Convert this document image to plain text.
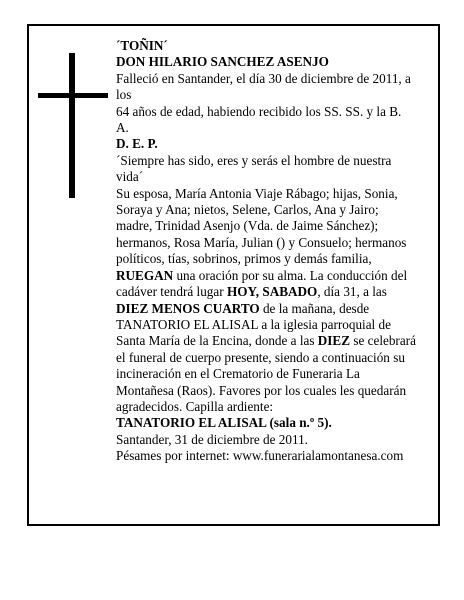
´TOÑIN´

DON HILARIO SANCHEZ ASENJO

Falleció en Santander, el día 30 de diciembre de 2011, a los

64 años de edad, habiendo recibido los SS. SS. y la B. A.

D. E. P.

´Siempre has sido, eres y serás el hombre de nuestra vida´

Su esposa, María Antonia Viaje Rábago; hijas, Sonia, Soraya y Ana; nietos, Selene, Carlos, Ana y Jairo; madre, Trinidad Asenjo (Vda. de Jaime Sánchez); hermanos, Rosa María, Julian () y Consuelo; hermanos políticos, tías, sobrinos, primos y demás familia, RUEGAN una oración por su alma. La conducción del cadáver tendrá lugar HOY, SABADO, día 31, a las DIEZ MENOS CUARTO de la mañana, desde TANATORIO EL ALISAL a la iglesia parroquial de Santa María de la Encina, donde a las DIEZ se celebrará el funeral de cuerpo presente, siendo a continuación su incineración en el Crematorio de Funeraria La Montañesa (Raos). Favores por los cuales les quedarán agradecidos. Capilla ardiente:

TANATORIO EL ALISAL (sala n.º 5).

Santander, 31 de diciembre de 2011.

Pésames por internet: www.funerarialamontanesa.com
